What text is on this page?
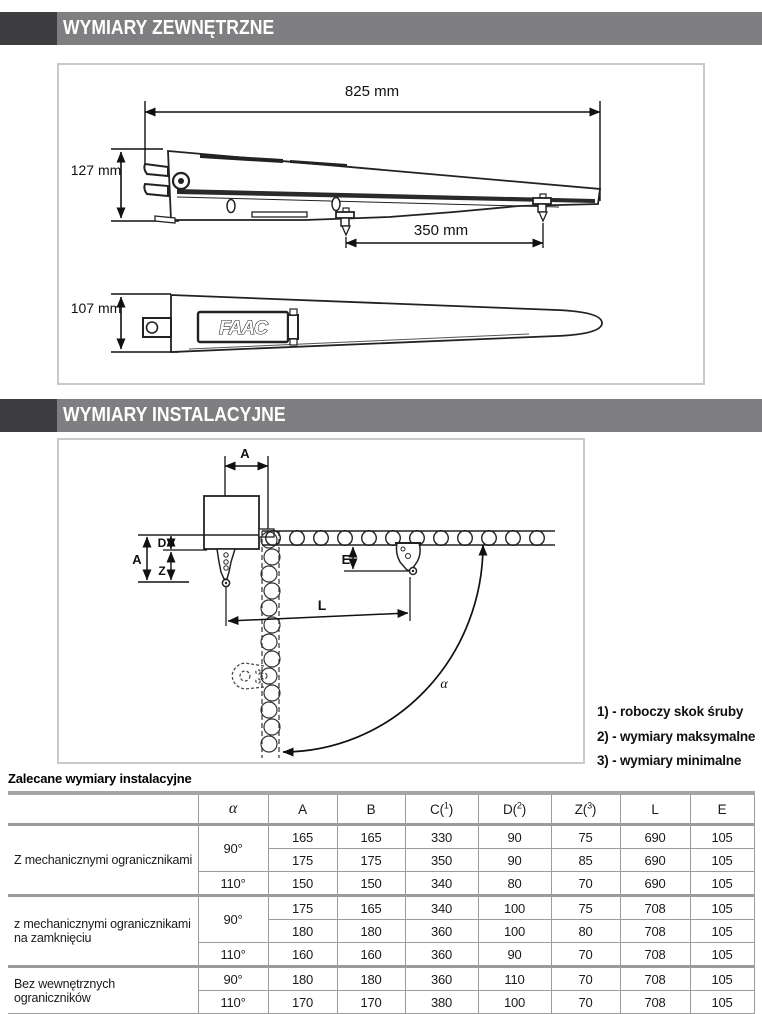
WYMIARY ZEWNĘTRZNE
825 mm
127 mm
350 mm
107 mm
FAAC
WYMIARY INSTALACYJNE
A
D
A
Z
E
L
α
1) - roboczy skok śruby
2) - wymiary maksymalne
3) - wymiary minimalne
Zalecane wymiary instalacyjne
	α	A	B	C($^1$)	D($^2$)	Z($^3$)	L	E
Z mechanicznymi ogranicznikami	90°	165	165	330	90	75	690	105
		175	175	350	90	85	690	105
	110°	150	150	340	80	70	690	105
z mechanicznymi ogranicznikami na zamknięciu	90°	175	165	340	100	75	708	105
		180	180	360	100	80	708	105
	110°	160	160	360	90	70	708	105
Bez wewnętrznych ograniczników	90°	180	180	360	110	70	708	105
	110°	170	170	380	100	70	708	105
